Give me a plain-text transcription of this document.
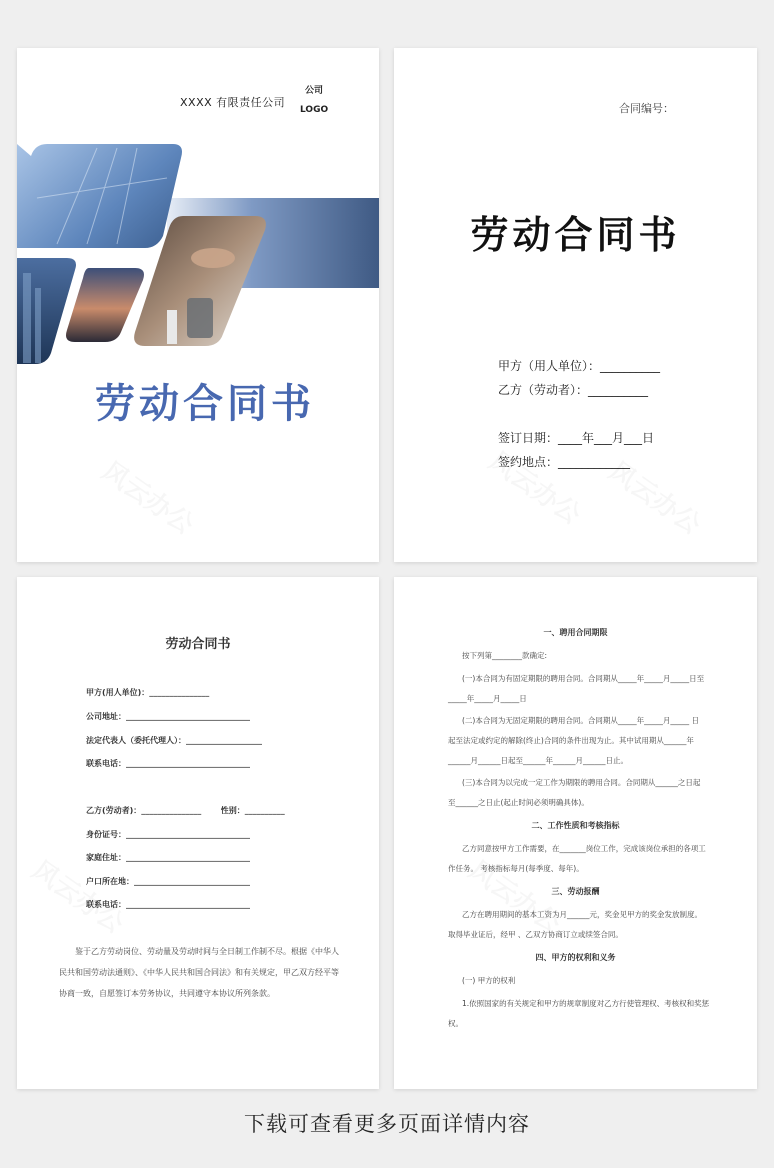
XXXX 有限责任公司
公司
LOGO
劳动合同书
合同编号：
劳动合同书
甲方（用人单位）：__________
乙方（劳动者）：__________
签订日期：____年___月___日
签约地点：____________
劳动合同书
甲方(用人单位)：_______________
公司地址：_______________________________
法定代表人（委托代理人）：___________________
联系电话：_______________________________
乙方(劳动者)：_______________       性别：__________
身份证号：_______________________________
家庭住址：_______________________________
户口所在地：_____________________________
联系电话：_______________________________
鉴于乙方劳动岗位、劳动量及劳动时间与全日制工作制不尽。根据《中华人民共和国劳动法通则》、《中华人民共和国合同法》和有关规定，甲乙双方经平等协商一致，自愿签订本劳务协议，共同遵守本协议所列条款。
一、聘用合同期限
按下列第________款确定:
(一)本合同为有固定期限的聘用合同。合同期从_____年_____月_____日至
_____年_____月_____日
(二)本合同为无固定期限的聘用合同。合同期从_____年_____月_____ 日
起至法定或约定的解除(终止)合同的条件出现为止。其中试用期从______年
______月______日起至______年______月______日止。
(三)本合同为以完成一定工作为期限的聘用合同。合同期从______之日起
至______之日止(起止时间必须明确具体)。
二、工作性质和考核指标
乙方同意按甲方工作需要，在_______岗位工作，完成该岗位承担的各项工
作任务。 考核指标每月(每季度、每年)。
三、劳动报酬
乙方在聘用期间的基本工资为月______元，奖金见甲方的奖金发放制度。
取得毕业证后，经甲 、乙双方协商订立或续签合同。
四、甲方的权利和义务
(一) 甲方的权利
1.依照国家的有关规定和甲方的规章制度对乙方行使管理权、考核权和奖惩
权。
下载可查看更多页面详情内容
